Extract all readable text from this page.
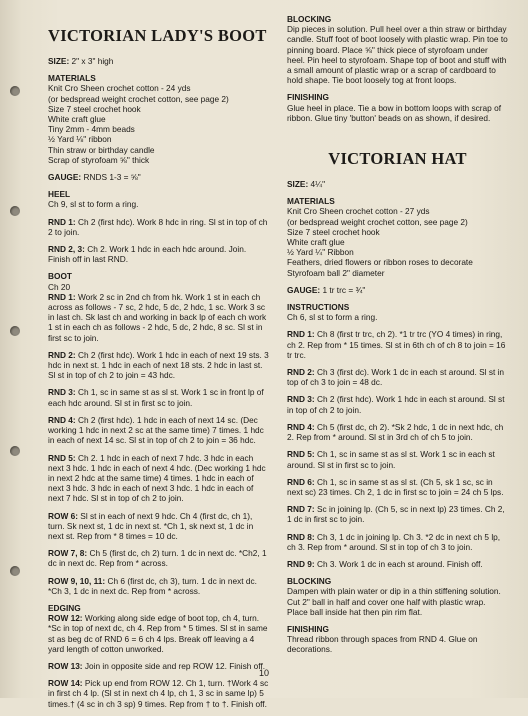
VICTORIAN LADY'S BOOT

SIZE: 2" x 3" high

MATERIALS

Knit Cro Sheen crochet cotton - 24 yds

(or bedspread weight crochet cotton, see page 2)

Size 7 steel crochet hook

White craft glue

Tiny 2mm - 4mm beads

½ Yard ⅛" ribbon

Thin straw or birthday candle

Scrap of styrofoam ⅝" thick

GAUGE: RNDS 1-3 = ⅝"

HEEL

Ch 9, sl st to form a ring.

RND 1: Ch 2 (first hdc). Work 8 hdc in ring. Sl st in top of ch 2 to join.

RND 2, 3: Ch 2. Work 1 hdc in each hdc around. Join. Finish off in last RND.

BOOT

Ch 20

RND 1: Work 2 sc in 2nd ch from hk. Work 1 st in each ch across as follows - 7 sc, 2 hdc, 5 dc, 2 hdc, 1 sc. Work 3 sc in last ch. Sk last ch and working in back lp of each ch work 1 st in each ch as follows - 2 hdc, 5 dc, 2 hdc, 8 sc. Sl st in first sc to join.

RND 2: Ch 2 (first hdc). Work 1 hdc in each of next 19 sts. 3 hdc in next st. 1 hdc in each of next 18 sts. 2 hdc in last st. Sl st in top of ch 2 to join = 43 hdc.

RND 3: Ch 1, sc in same st as sl st. Work 1 sc in front lp of each hdc around. Sl st in first sc to join.

RND 4: Ch 2 (first hdc). 1 hdc in each of next 14 sc. (Dec working 1 hdc in next 2 sc at the same time) 7 times. 1 hdc in each of next 14 sc. Sl st in top of ch 2 to join = 36 hdc.

RND 5: Ch 2. 1 hdc in each of next 7 hdc. 3 hdc in each next 3 hdc. 1 hdc in each of next 4 hdc. (Dec working 1 hdc in next 2 hdc at the same time) 4 times. 1 hdc in each of next 3 hdc. 3 hdc in each of next 3 hdc. 1 hdc in each of next 7 hdc. Sl st in top of ch 2 to join.

ROW 6: Sl st in each of next 9 hdc. Ch 4 (first dc, ch 1), turn. Sk next st, 1 dc in next st. *Ch 1, sk next st, 1 dc in next st. Rep from * 8 times = 10 dc.

ROW 7, 8: Ch 5 (first dc, ch 2) turn. 1 dc in next dc. *Ch2, 1 dc in next dc. Rep from * across.

ROW 9, 10, 11: Ch 6 (first dc, ch 3), turn. 1 dc in next dc. *Ch 3, 1 dc in next dc. Rep from * across.

EDGING

ROW 12: Working along side edge of boot top, ch 4, turn. *Sc in top of next dc, ch 4. Rep from * 5 times. Sl st in same st as beg dc of RND 6 = 6 ch 4 lps. Break off leaving a 4 yard length of cotton unworked.

ROW 13: Join in opposite side and rep ROW 12. Finish off.

ROW 14: Pick up end from ROW 12. Ch 1, turn. †Work 4 sc in first ch 4 lp. (Sl st in next ch 4 lp, ch 1, 3 sc in same lp) 5 times.† (4 sc in ch 3 sp) 9 times. Rep from † to †. Finish off.

BLOCKING
Dip pieces in solution. Pull heel over a thin straw or birthday candle. Stuff foot of boot loosely with plastic wrap. Pin toe to pinning board. Place ⅝" thick piece of styrofoam under heel. Pin heel to styrofoam. Shape top of boot and stuff with a small amount of plastic wrap or a scrap of cardboard to hold shape. Tie boot loosely tog at front loops.

FINISHING
Glue heel in place. Tie a bow in bottom loops with scrap of ribbon. Glue tiny 'button' beads on as shown, if desired.

VICTORIAN HAT

SIZE: 4¼"

MATERIALS

Knit Cro Sheen crochet cotton - 27 yds

(or bedspread weight crochet cotton, see page 2)

Size 7 steel crochet hook

White craft glue

½ Yard ¼" Ribbon

Feathers, dried flowers or ribbon roses to decorate

Styrofoam ball 2" diameter

GAUGE: 1 tr trc = ¾"

INSTRUCTIONS

Ch 6, sl st to form a ring.

RND 1: Ch 8 (first tr trc, ch 2). *1 tr trc (YO 4 times) in ring, ch 2. Rep from * 15 times. Sl st in 6th ch of ch 8 to join = 16 tr trc.

RND 2: Ch 3 (first dc). Work 1 dc in each st around. Sl st in top of ch 3 to join = 48 dc.

RND 3: Ch 2 (first hdc). Work 1 hdc in each st around. Sl st in top of ch 2 to join.

RND 4: Ch 5 (first dc, ch 2). *Sk 2 hdc, 1 dc in next hdc, ch 2. Rep from * around. Sl st in 3rd ch of ch 5 to join.

RND 5: Ch 1, sc in same st as sl st. Work 1 sc in each st around. Sl st in first sc to join.

RND 6: Ch 1, sc in same st as sl st. (Ch 5, sk 1 sc, sc in next sc) 23 times. Ch 2, 1 dc in first sc to join = 24 ch 5 lps.

RND 7: Sc in joining lp. (Ch 5, sc in next lp) 23 times. Ch 2, 1 dc in first sc to join.

RND 8: Ch 3, 1 dc in joining lp. Ch 3. *2 dc in next ch 5 lp, ch 3. Rep from * around. Sl st in top of ch 3 to join.

RND 9: Ch 3. Work 1 dc in each st around. Finish off.

BLOCKING
Dampen with plain water or dip in a thin stiffening solution. Cut 2" ball in half and cover one half with plastic wrap. Place ball inside hat then pin rim flat.

FINISHING
Thread ribbon through spaces from RND 4. Glue on decorations.

10
